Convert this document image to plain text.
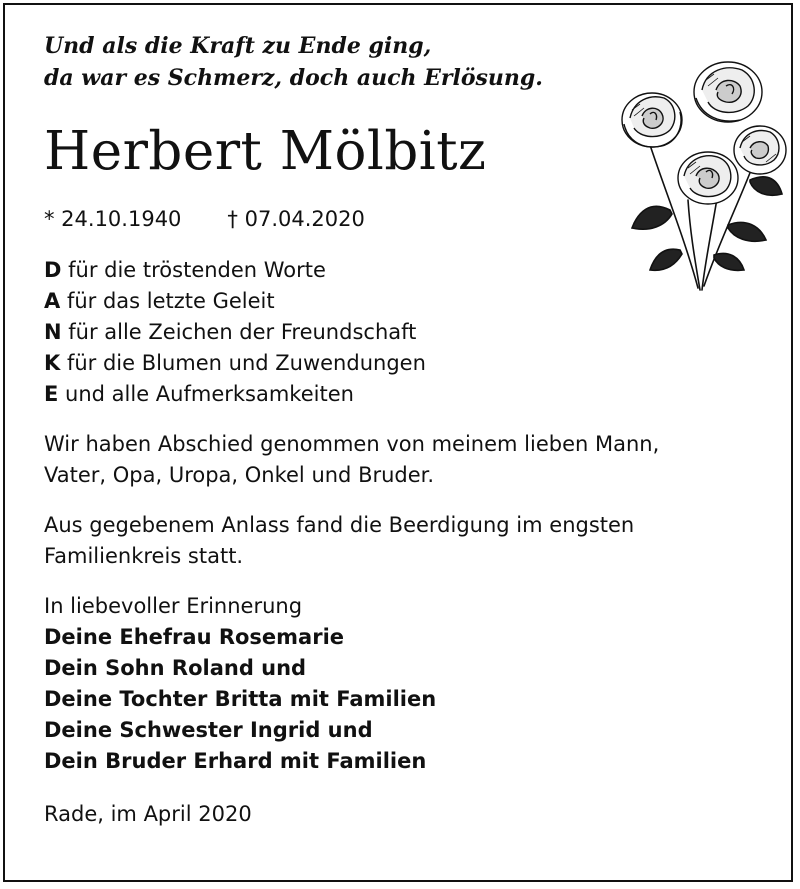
Und als die Kraft zu Ende ging,
da war es Schmerz, doch auch Erlösung.

Herbert Mölbitz
* 24.10.1940 † 07.04.2020
D für die tröstenden Worte
A für das letzte Geleit
N für alle Zeichen der Freundschaft
K für die Blumen und Zuwendungen
E und alle Aufmerksamkeiten

Wir haben Abschied genommen von meinem lieben Mann,
Vater, Opa, Uropa, Onkel und Bruder.

Aus gegebenem Anlass fand die Beerdigung im engsten
Familienkreis statt.

In liebevoller Erinnerung
Deine Ehefrau Rosemarie
Dein Sohn Roland und
Deine Tochter Britta mit Familien
Deine Schwester Ingrid und
Dein Bruder Erhard mit Familien
Rade, im April 2020
